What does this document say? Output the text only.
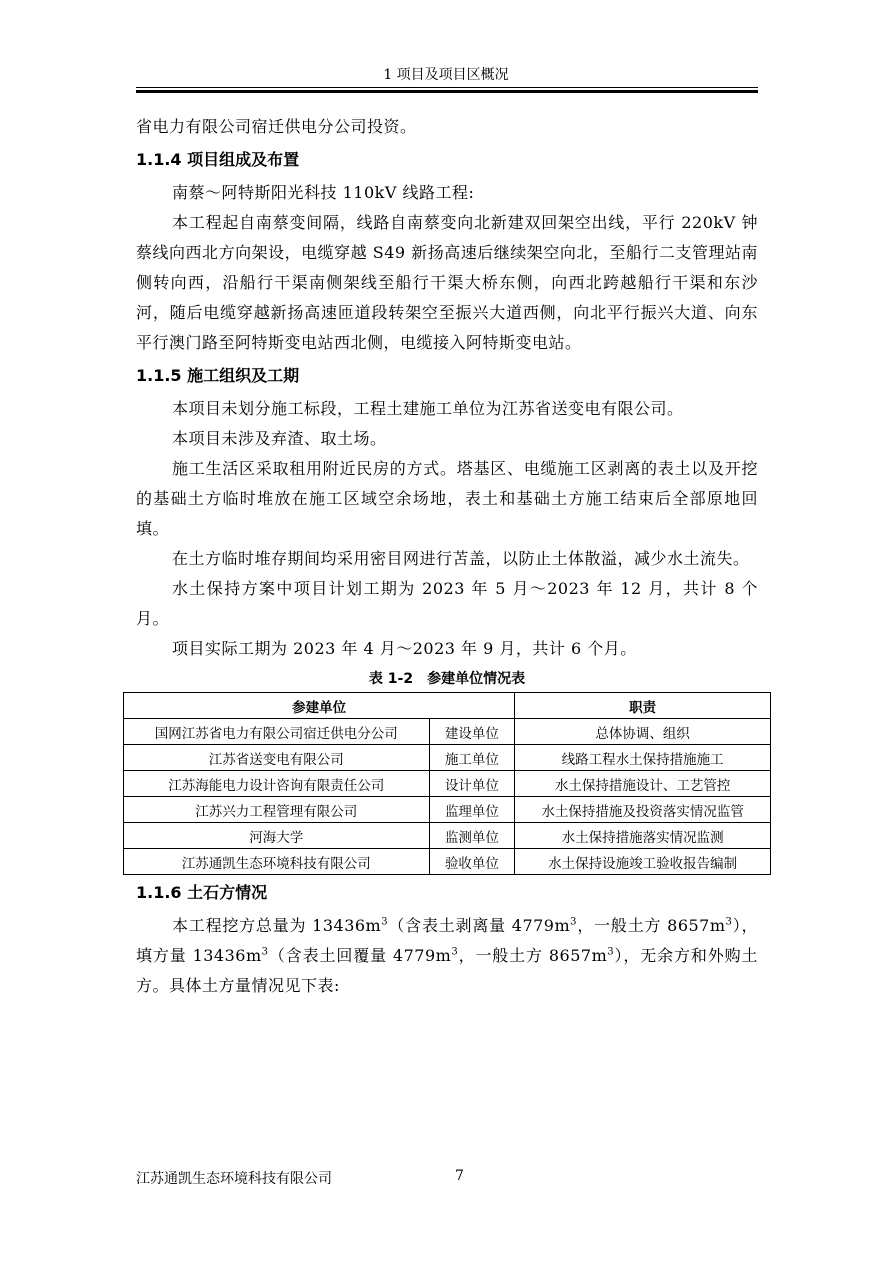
1 项目及项目区概况

省电力有限公司宿迁供电分公司投资。

1.1.4 项目组成及布置

南蔡～阿特斯阳光科技 110kV 线路工程:

本工程起自南蔡变间隔，线路自南蔡变向北新建双回架空出线，平行 220kV 钟蔡线向西北方向架设，电缆穿越 S49 新扬高速后继续架空向北，至船行二支管理站南侧转向西，沿船行干渠南侧架线至船行干渠大桥东侧，向西北跨越船行干渠和东沙河，随后电缆穿越新扬高速匝道段转架空至振兴大道西侧，向北平行振兴大道、向东平行澳门路至阿特斯变电站西北侧，电缆接入阿特斯变电站。

1.1.5 施工组织及工期

本项目未划分施工标段，工程土建施工单位为江苏省送变电有限公司。

本项目未涉及弃渣、取土场。

施工生活区采取租用附近民房的方式。塔基区、电缆施工区剥离的表土以及开挖的基础土方临时堆放在施工区域空余场地，表土和基础土方施工结束后全部原地回填。

在土方临时堆存期间均采用密目网进行苫盖，以防止土体散溢，减少水土流失。

水土保持方案中项目计划工期为 2023 年 5 月～2023 年 12 月，共计 8 个月。

项目实际工期为 2023 年 4 月～2023 年 9 月，共计 6 个月。

表 1-2　参建单位情况表
参建单位		职责
国网江苏省电力有限公司宿迁供电分公司	建设单位	总体协调、组织
江苏省送变电有限公司	施工单位	线路工程水土保持措施施工
江苏海能电力设计咨询有限责任公司	设计单位	水土保持措施设计、工艺管控
江苏兴力工程管理有限公司	监理单位	水土保持措施及投资落实情况监管
河海大学	监测单位	水土保持措施落实情况监测
江苏通凯生态环境科技有限公司	验收单位	水土保持设施竣工验收报告编制
1.1.6 土石方情况

本工程挖方总量为 $13436m^3$（含表土剥离量 $4779m^3$，一般土方 $8657m^3$），填方量 $13436m^3$（含表土回覆量 $4779m^3$，一般土方 $8657m^3$），无余方和外购土方。具体土方量情况见下表:

江苏通凯生态环境科技有限公司	7
